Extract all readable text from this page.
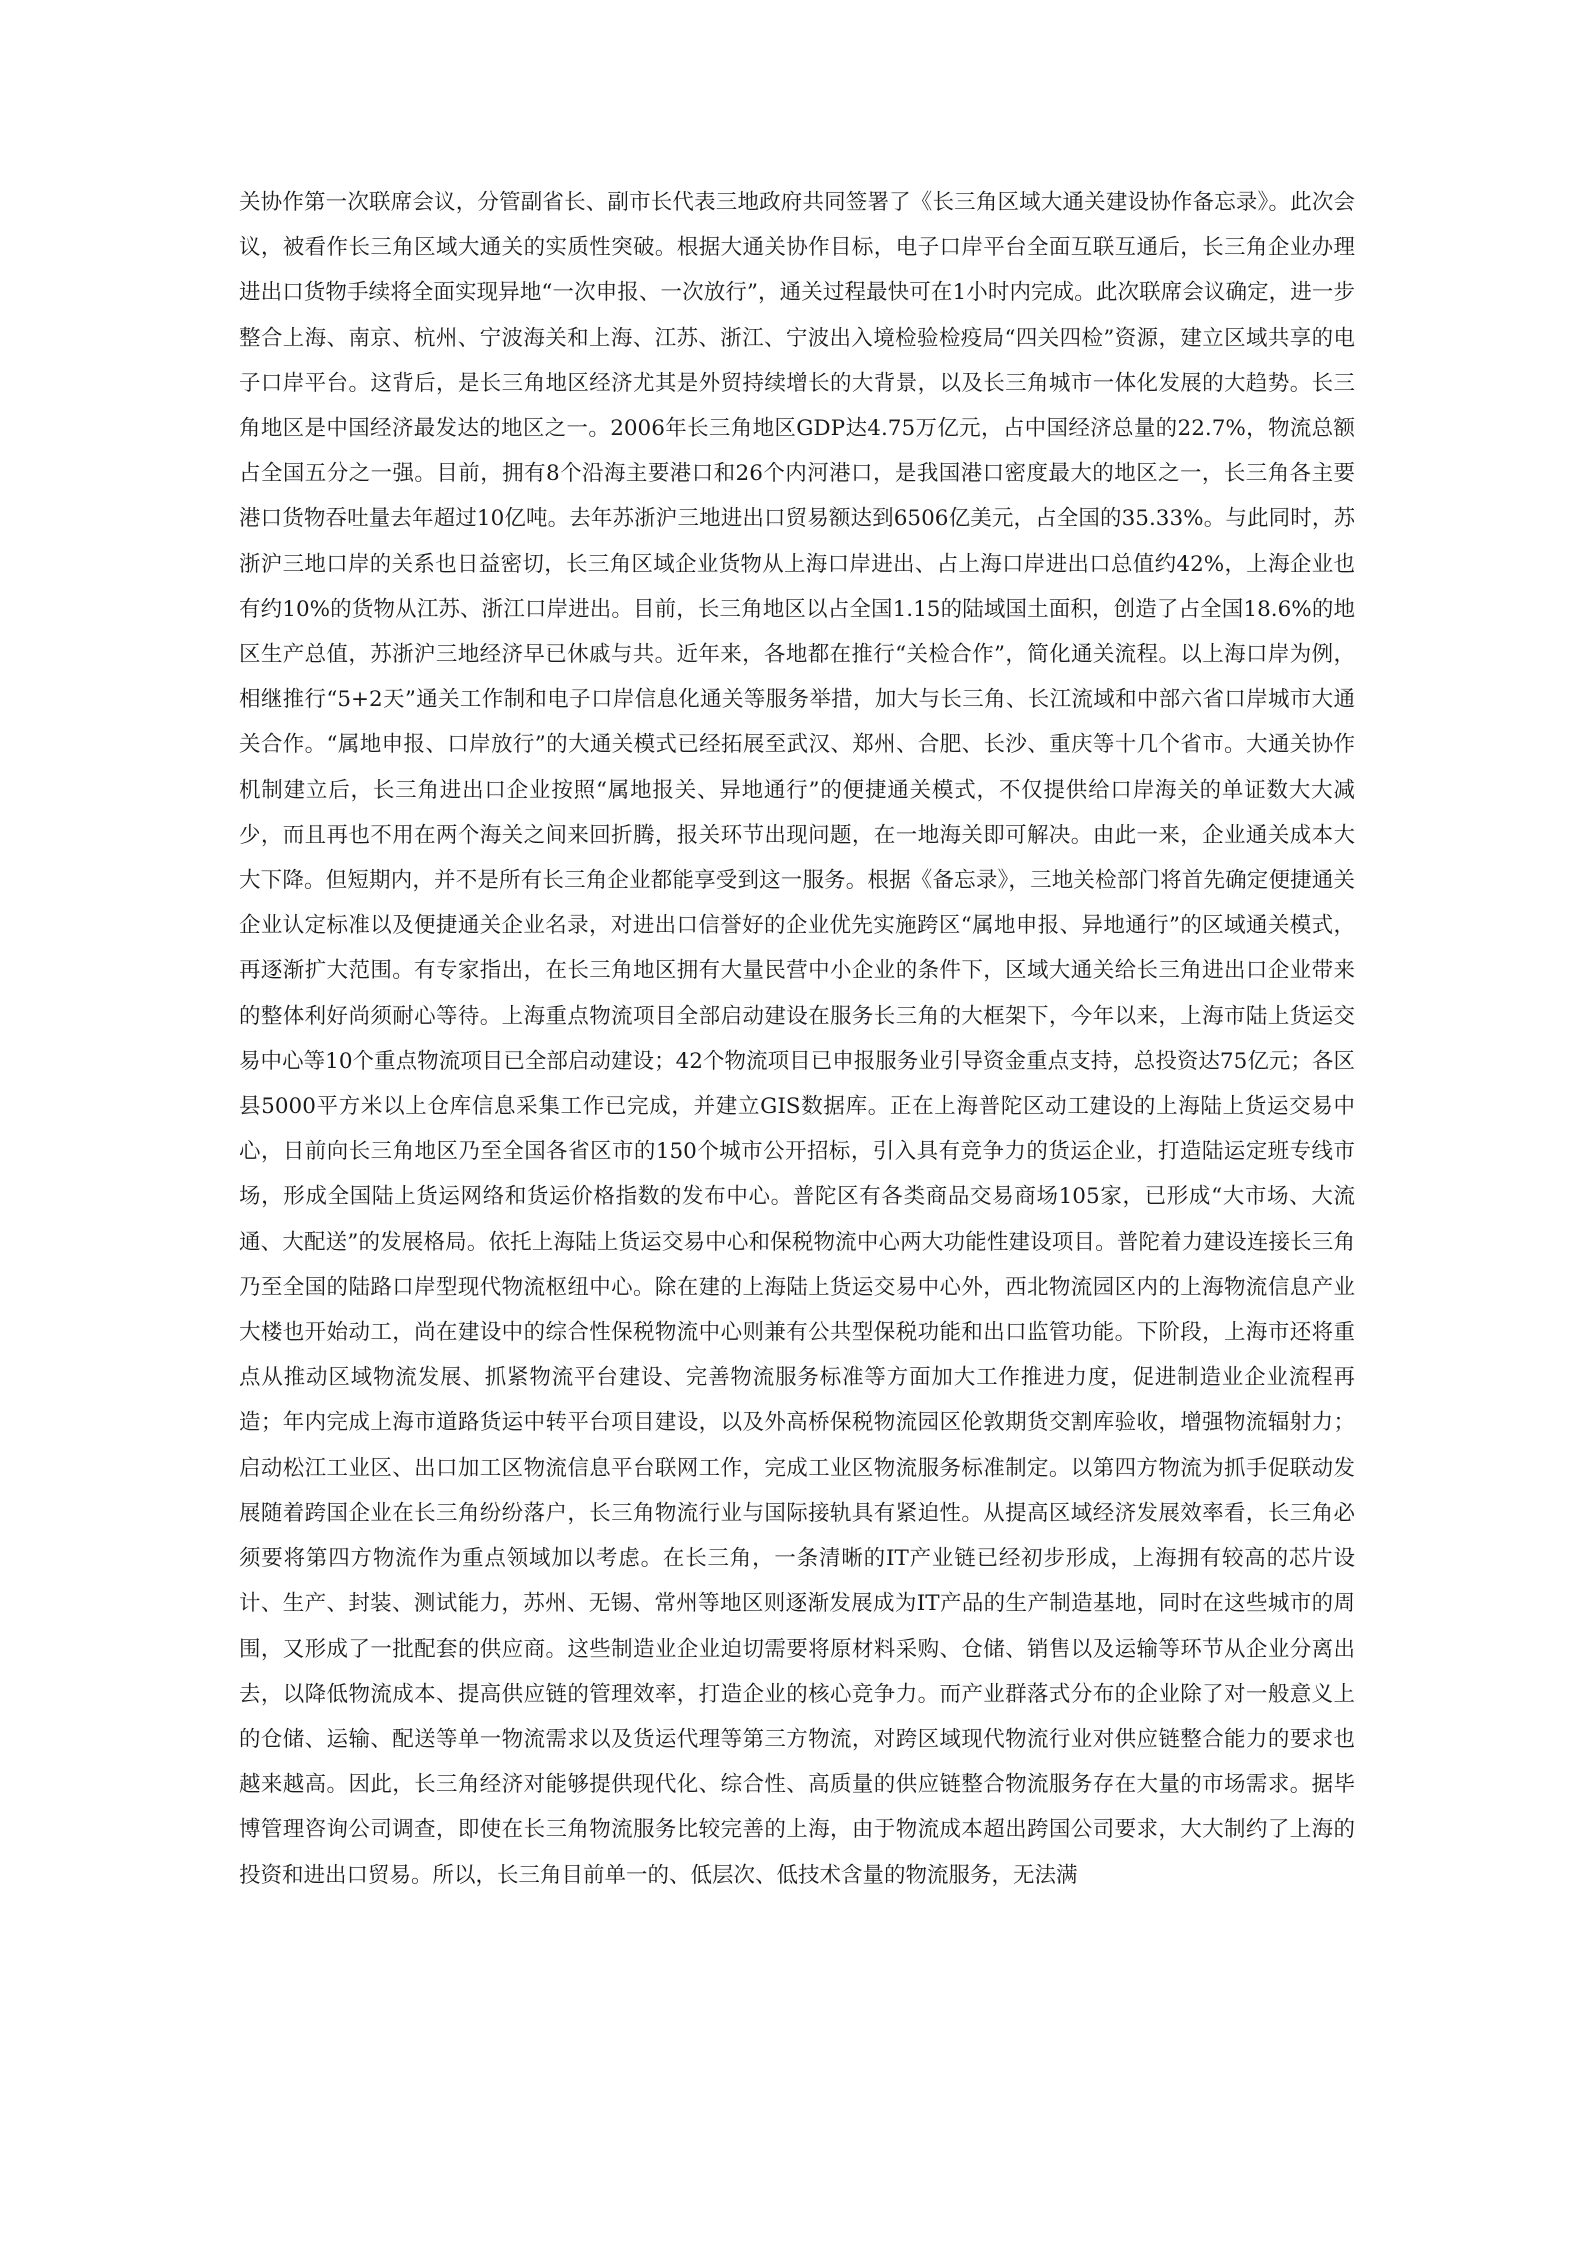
关协作第一次联席会议，分管副省长、副市长代表三地政府共同签署了《长三角区域大通关建设协作备忘录》。此次会议，被看作长三角区域大通关的实质性突破。根据大通关协作目标，电子口岸平台全面互联互通后，长三角企业办理进出口货物手续将全面实现异地“一次申报、一次放行”，通关过程最快可在1小时内完成。此次联席会议确定，进一步整合上海、南京、杭州、宁波海关和上海、江苏、浙江、宁波出入境检验检疫局“四关四检”资源，建立区域共享的电子口岸平台。这背后，是长三角地区经济尤其是外贸持续增长的大背景，以及长三角城市一体化发展的大趋势。长三角地区是中国经济最发达的地区之一。2006年长三角地区GDP达4.75万亿元，占中国经济总量的22.7%，物流总额占全国五分之一强。目前，拥有8个沿海主要港口和26个内河港口，是我国港口密度最大的地区之一，长三角各主要港口货物吞吐量去年超过10亿吨。去年苏浙沪三地进出口贸易额达到6506亿美元，占全国的35.33%。与此同时，苏浙沪三地口岸的关系也日益密切，长三角区域企业货物从上海口岸进出、占上海口岸进出口总值约42%，上海企业也有约10%的货物从江苏、浙江口岸进出。目前，长三角地区以占全国1.15的陆域国土面积，创造了占全国18.6%的地区生产总值，苏浙沪三地经济早已休戚与共。近年来，各地都在推行“关检合作”，简化通关流程。以上海口岸为例，相继推行“5+2天”通关工作制和电子口岸信息化通关等服务举措，加大与长三角、长江流域和中部六省口岸城市大通关合作。“属地申报、口岸放行”的大通关模式已经拓展至武汉、郑州、合肥、长沙、重庆等十几个省市。大通关协作机制建立后，长三角进出口企业按照“属地报关、异地通行”的便捷通关模式，不仅提供给口岸海关的单证数大大减少，而且再也不用在两个海关之间来回折腾，报关环节出现问题，在一地海关即可解决。由此一来，企业通关成本大大下降。但短期内，并不是所有长三角企业都能享受到这一服务。根据《备忘录》，三地关检部门将首先确定便捷通关企业认定标准以及便捷通关企业名录，对进出口信誉好的企业优先实施跨区“属地申报、异地通行”的区域通关模式，再逐渐扩大范围。有专家指出，在长三角地区拥有大量民营中小企业的条件下，区域大通关给长三角进出口企业带来的整体利好尚须耐心等待。上海重点物流项目全部启动建设在服务长三角的大框架下，今年以来，上海市陆上货运交易中心等10个重点物流项目已全部启动建设；42个物流项目已申报服务业引导资金重点支持，总投资达75亿元；各区县5000平方米以上仓库信息采集工作已完成，并建立GIS数据库。正在上海普陀区动工建设的上海陆上货运交易中心，日前向长三角地区乃至全国各省区市的150个城市公开招标，引入具有竞争力的货运企业，打造陆运定班专线市场，形成全国陆上货运网络和货运价格指数的发布中心。普陀区有各类商品交易商场105家，已形成“大市场、大流通、大配送”的发展格局。依托上海陆上货运交易中心和保税物流中心两大功能性建设项目。普陀着力建设连接长三角乃至全国的陆路口岸型现代物流枢纽中心。除在建的上海陆上货运交易中心外，西北物流园区内的上海物流信息产业大楼也开始动工，尚在建设中的综合性保税物流中心则兼有公共型保税功能和出口监管功能。下阶段，上海市还将重点从推动区域物流发展、抓紧物流平台建设、完善物流服务标准等方面加大工作推进力度，促进制造业企业流程再造；年内完成上海市道路货运中转平台项目建设，以及外高桥保税物流园区伦敦期货交割库验收，增强物流辐射力；启动松江工业区、出口加工区物流信息平台联网工作，完成工业区物流服务标准制定。以第四方物流为抓手促联动发展随着跨国企业在长三角纷纷落户，长三角物流行业与国际接轨具有紧迫性。从提高区域经济发展效率看，长三角必须要将第四方物流作为重点领域加以考虑。在长三角，一条清晰的IT产业链已经初步形成，上海拥有较高的芯片设计、生产、封装、测试能力，苏州、无锡、常州等地区则逐渐发展成为IT产品的生产制造基地，同时在这些城市的周围，又形成了一批配套的供应商。这些制造业企业迫切需要将原材料采购、仓储、销售以及运输等环节从企业分离出去，以降低物流成本、提高供应链的管理效率，打造企业的核心竞争力。而产业群落式分布的企业除了对一般意义上的仓储、运输、配送等单一物流需求以及货运代理等第三方物流，对跨区域现代物流行业对供应链整合能力的要求也越来越高。因此，长三角经济对能够提供现代化、综合性、高质量的供应链整合物流服务存在大量的市场需求。据毕博管理咨询公司调查，即使在长三角物流服务比较完善的上海，由于物流成本超出跨国公司要求，大大制约了上海的投资和进出口贸易。所以，长三角目前单一的、低层次、低技术含量的物流服务，无法满
